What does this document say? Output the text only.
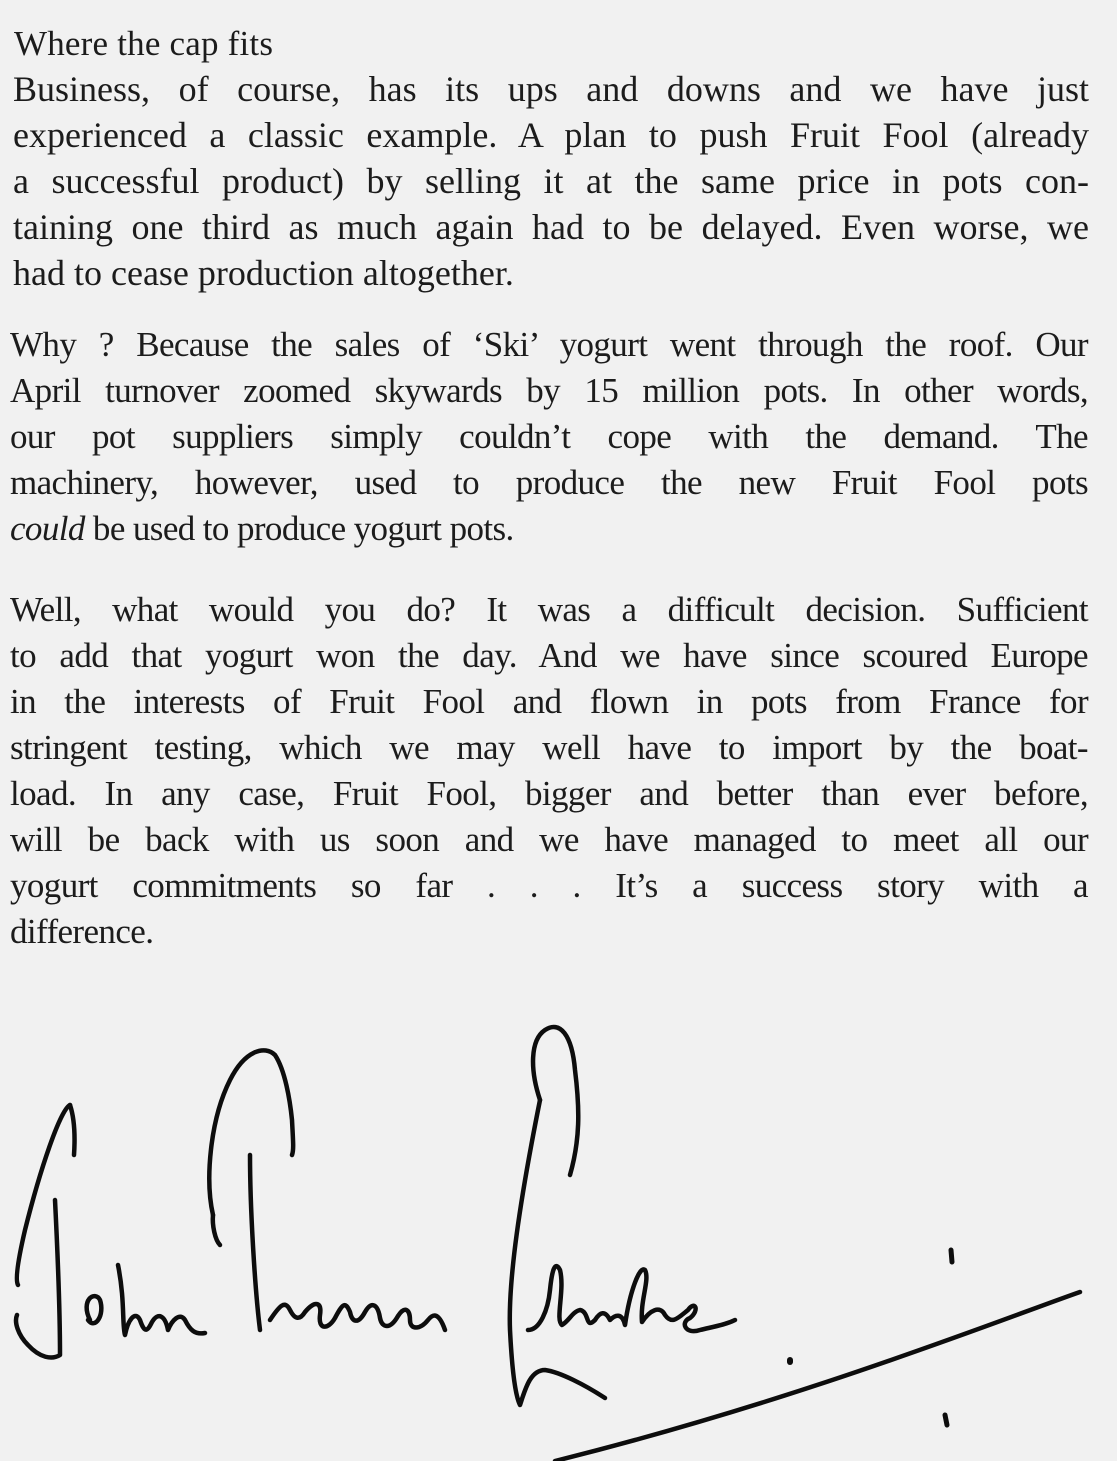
Where the cap fits

Business, of course, has its ups and downs and we have just
experienced a classic example. A plan to push Fruit Fool (already
a successful product) by selling it at the same price in pots con-
taining one third as much again had to be delayed. Even worse, we
had to cease production altogether.

Why ? Because the sales of ‘Ski’ yogurt went through the roof. Our
April turnover zoomed skywards by 15 million pots. In other words,
our pot suppliers simply couldn’t cope with the demand. The
machinery, however, used to produce the new Fruit Fool pots
could be used to produce yogurt pots.

Well, what would you do? It was a difficult decision. Sufficient
to add that yogurt won the day. And we have since scoured Europe
in the interests of Fruit Fool and flown in pots from France for
stringent testing, which we may well have to import by the boat-
load. In any case, Fruit Fool, bigger and better than ever before,
will be back with us soon and we have managed to meet all our
yogurt commitments so far . . . It’s a success story with a
difference.
